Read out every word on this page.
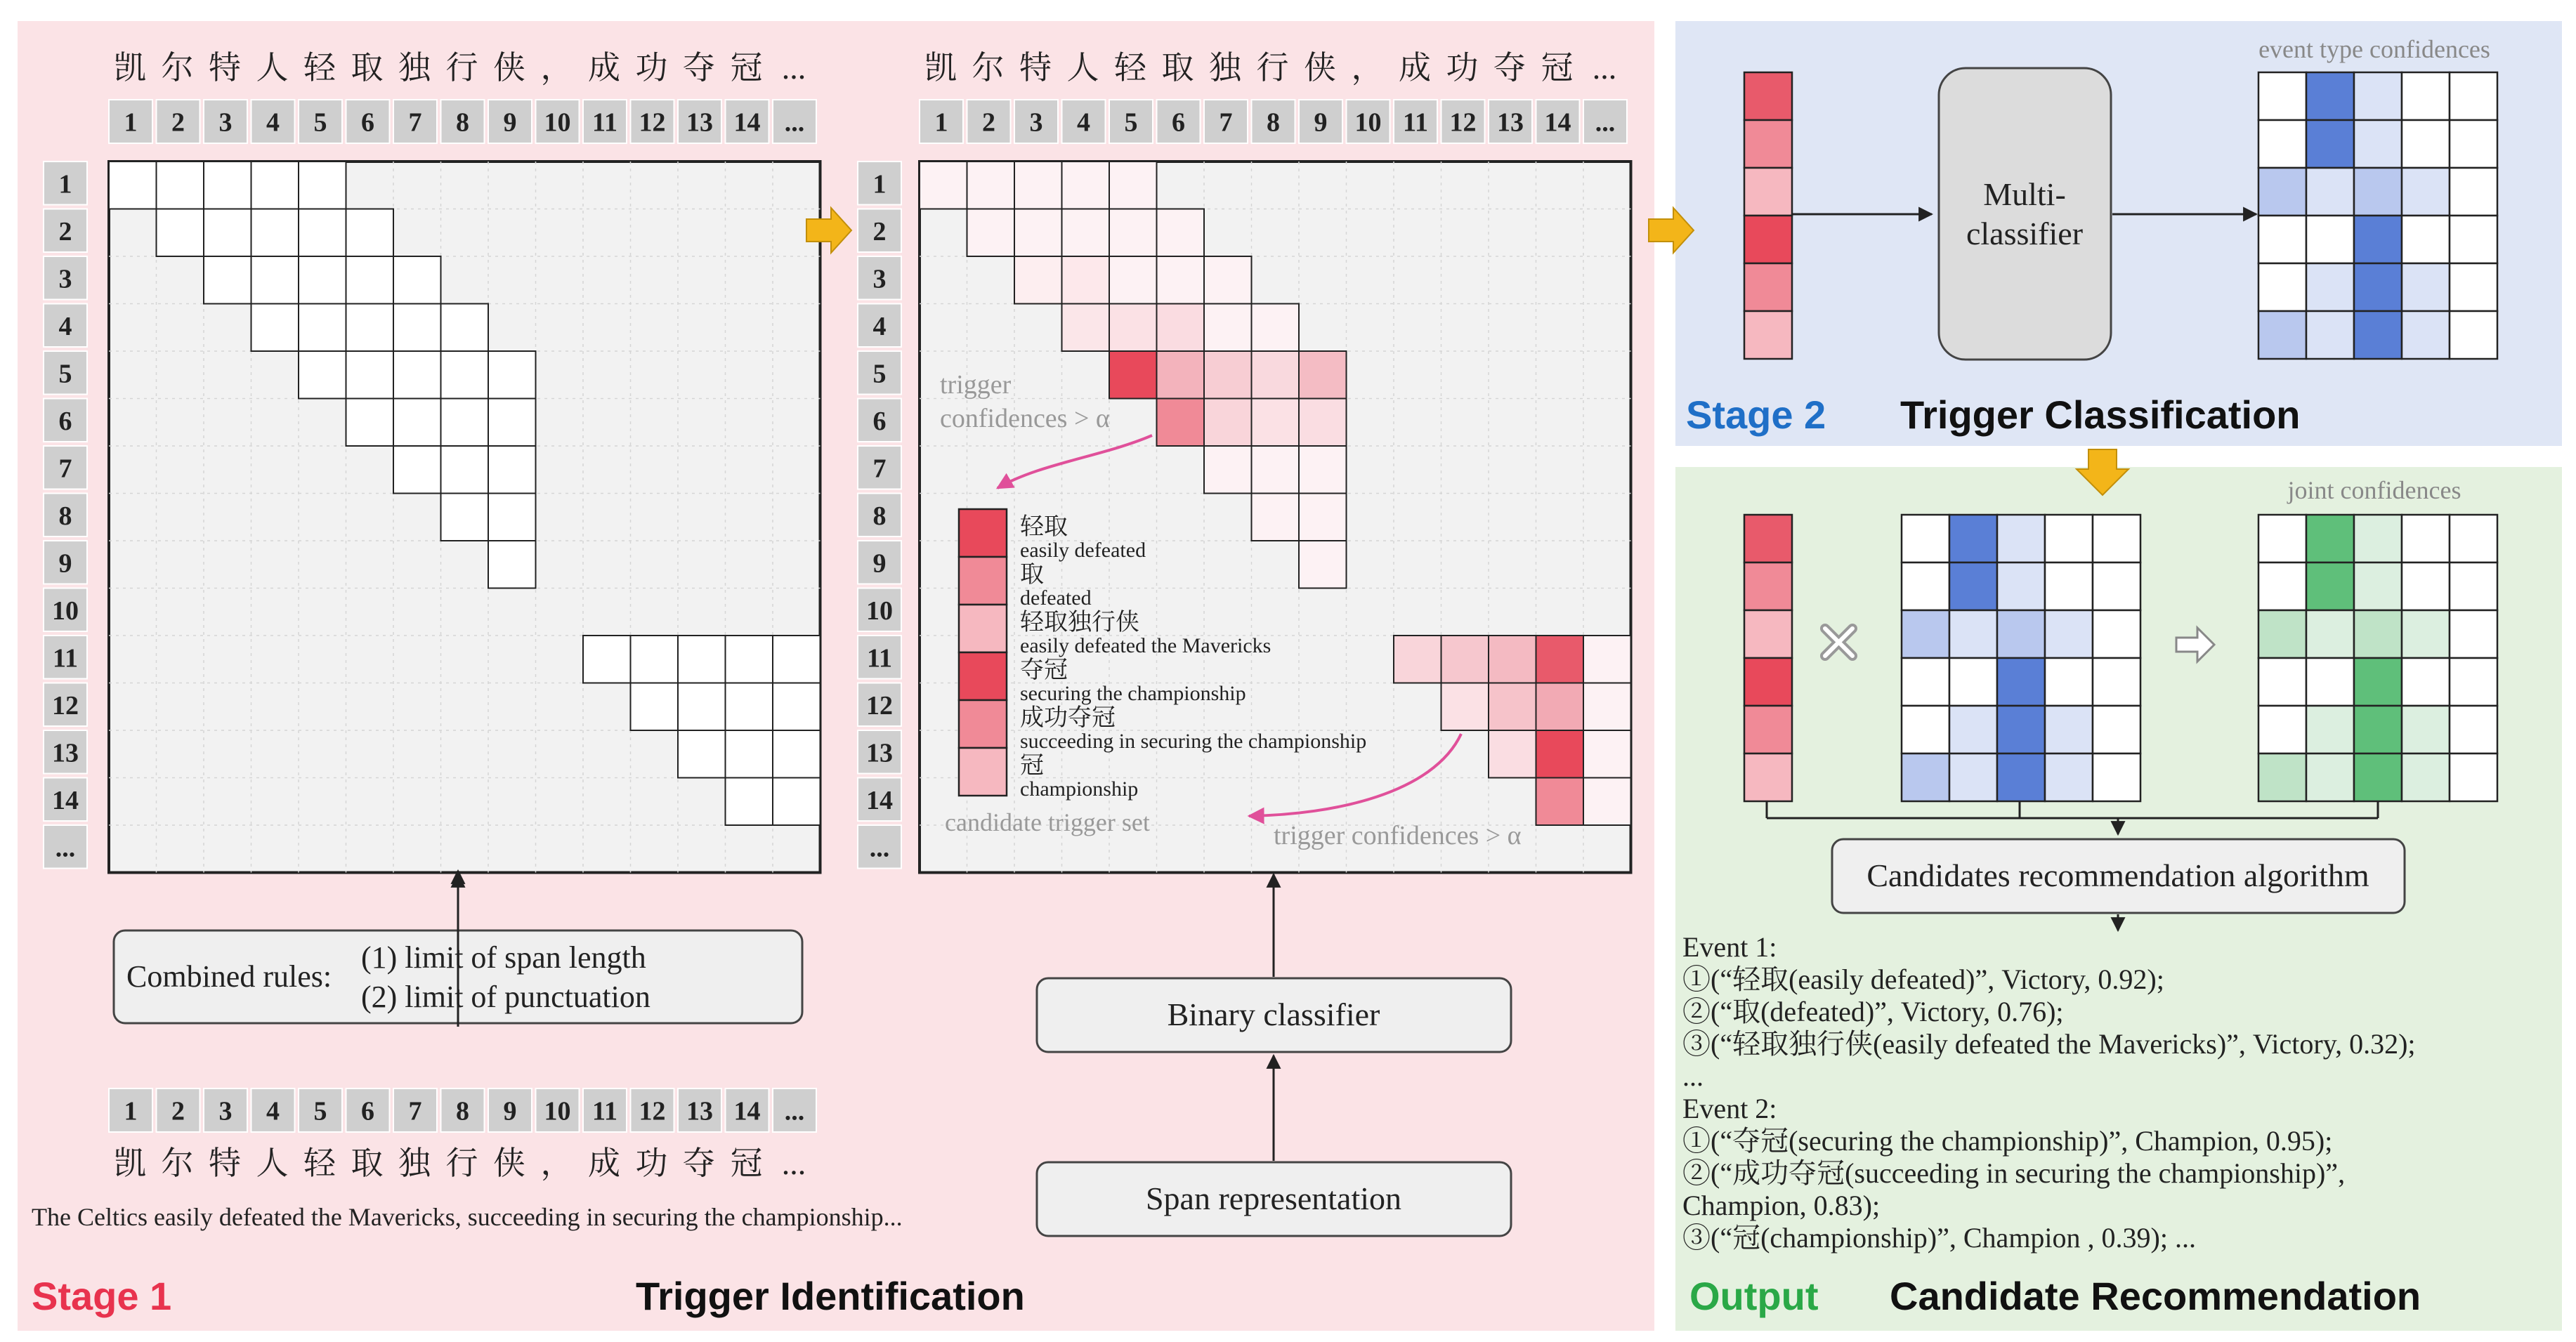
凯 尔 特 人 轻 取 独 行 侠 ， 成 功 夺 冠 ...
1 2 3 4 5 6 7 8 9 10 11 12 13 14 ...
凯 尔 特 人 轻 取 独 行 侠 ， 成 功 夺 冠 ...
1 2 3 4 5 6 7 8 9 10 11 12 13 14 ...
1
2
3
4
5
6
7
8
9
10
11
12
13
14
...
1
2
3
4
5
6
7
8
9
10
11
12
13
14
...
Combined rules:
(1) limit of span length
(2) limit of punctuation
1 2 3 4 5 6 7 8 9 10 11 12 13 14 ...
凯 尔 特 人 轻 取 独 行 侠 ， 成 功 夺 冠 ...
The Celtics easily defeated the Mavericks, succeeding in securing the championship...
Binary classifier
Span representation
轻取
easily defeated
取
defeated
轻取独行侠
easily defeated the Mavericks
夺冠
securing the championship
成功夺冠
succeeding in securing the championship
冠
championship
trigger
confidences > α
trigger confidences > α
candidate trigger set
Multi-
classifier
event type confidences
joint confidences
Candidates recommendation algorithm
Event 1:
①(“轻取(easily defeated)”, Victory, 0.92);
②(“取(defeated)”, Victory, 0.76);
③(“轻取独行侠(easily defeated the Mavericks)”, Victory, 0.32);
...
Event 2:
①(“夺冠(securing the championship)”, Champion, 0.95);
②(“成功夺冠(succeeding in securing the championship)”,
Champion, 0.83);
③(“冠(championship)”, Champion , 0.39); ...
Stage 1	Trigger Identification
Stage 2 Trigger Classification
Output Candidate Recommendation
